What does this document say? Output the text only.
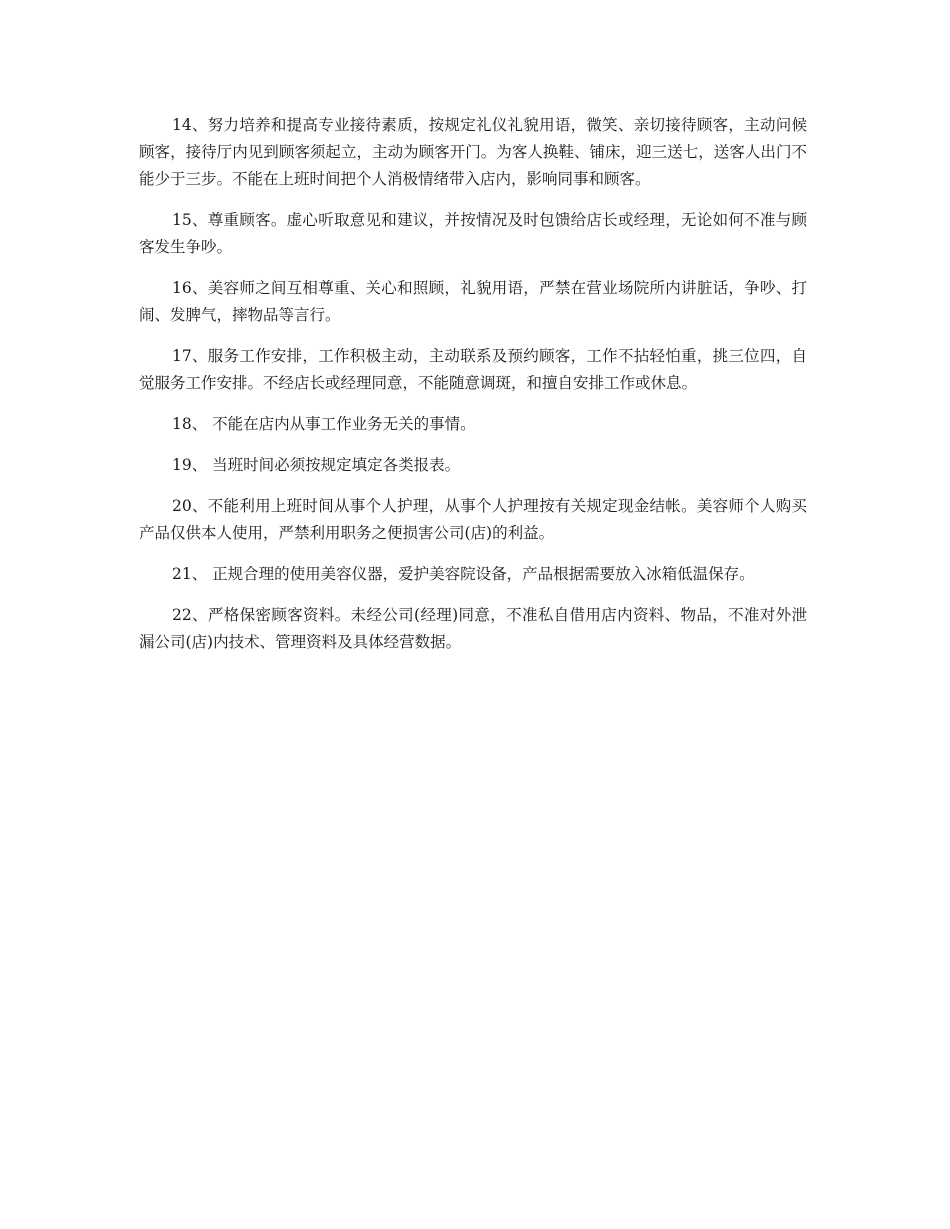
14、努力培养和提高专业接待素质，按规定礼仪礼貌用语，微笑、亲切接待顾客，主动问候顾客，接待厅内见到顾客须起立，主动为顾客开门。为客人换鞋、铺床，迎三送七，送客人出门不能少于三步。不能在上班时间把个人消极情绪带入店内，影响同事和顾客。

15、尊重顾客。虚心听取意见和建议，并按情况及时包馈给店长或经理，无论如何不准与顾客发生争吵。

16、美容师之间互相尊重、关心和照顾，礼貌用语，严禁在营业场院所内讲脏话，争吵、打闹、发脾气，摔物品等言行。

17、服务工作安排，工作积极主动，主动联系及预约顾客，工作不拈轻怕重，挑三位四，自觉服务工作安排。不经店长或经理同意，不能随意调斑，和擅自安排工作或休息。

18、 不能在店内从事工作业务无关的事情。

19、 当班时间必须按规定填定各类报表。

20、不能利用上班时间从事个人护理，从事个人护理按有关规定现金结帐。美容师个人购买产品仅供本人使用，严禁利用职务之便损害公司(店)的利益。

21、 正规合理的使用美容仪器，爱护美容院设备，产品根据需要放入冰箱低温保存。

22、严格保密顾客资料。未经公司(经理)同意，不准私自借用店内资料、物品，不准对外泄漏公司(店)内技术、管理资料及具体经营数据。
